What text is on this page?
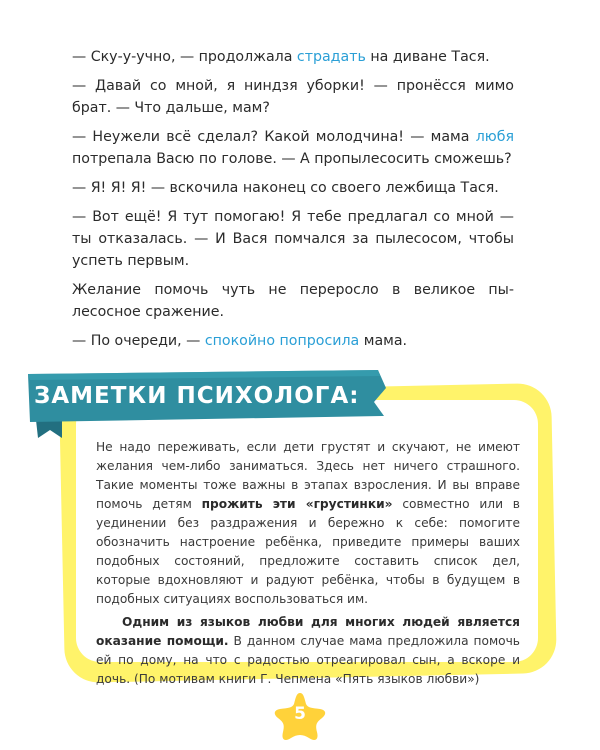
— Ску-у-учно, — продолжала страдать на диване Тася.

— Давай со мной, я ниндзя уборки! — пронёсся мимо брат. — Что дальше, мам?

— Неужели всё сделал? Какой молодчина! — мама любя потрепала Васю по голове. — А пропылесосить сможешь?

— Я! Я! Я! — вскочила наконец со своего лежбища Тася.

— Вот ещё! Я тут помогаю! Я тебе предлагал со мной — ты отказалась. — И Вася помчался за пылесосом, чтобы успеть первым.

Желание помочь чуть не переросло в великое пылесосное сражение.

— По очереди, — спокойно попросила мама.

ЗАМЕТКИ ПСИХОЛОГА:

Не надо переживать, если дети грустят и скучают, не имеют желания чем-либо заниматься. Здесь нет ничего страшного. Такие моменты тоже важны в этапах взросления. И вы вправе помочь детям прожить эти «грустинки» совместно или в уединении без раздражения и бережно к себе: помогите обозначить настроение ребёнка, приведите примеры ваших подобных состояний, предложите составить список дел, которые вдохновляют и радуют ребёнка, чтобы в будущем в подобных ситуациях воспользоваться им.

Одним из языков любви для многих людей является оказание помощи. В данном случае мама предложила помочь ей по дому, на что с радостью отреагировал сын, а вскоре и дочь. (По мотивам книги Г. Чепмена «Пять языков любви»)

5
